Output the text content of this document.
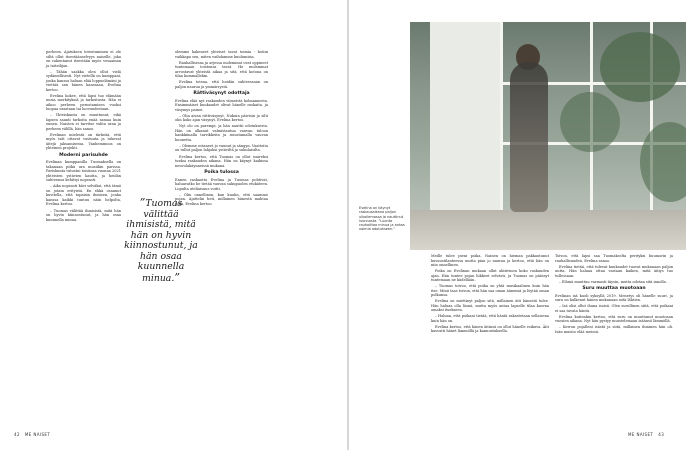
perheen. Ajatuksen toteutuminen ei ole siltä ollut itsestäänselvyys naiselle, joka on rakentanut itsestään myös vesaaman ja taiteilijan.

– Tähän saakka olen ollut vielä sydämellisesti. Nyt vietellä on kumppani, jonka kanssa haluan elää loppuelämäni ja viettää sen hänen kanssaan, Evelina kertoo.

Evelina kokee, että lapsi tuo elämään uusia merkityksiä ja tarkoitusta. Hän ei aikoo perheen perustamisen vuoksi luopua urastaan tai luovuudestaan.

– Yhteiskunta on muuttunut, eikä lapsen saanti tarkoita enää samaa kuin ennen. Naisten ei tarvitse valita uran ja perheen välillä, hän sanoo.

Evelinan mielestä on tärkeää, että myös isät ottavat vastuuta ja tukevat äitejä jaksamisessa. Vanhemmuus on yhteinen projekti.

Moderni parisuhde

Evelinan kumppanilla Tuomaksella on takanaan pitkä ura musiikin parissa. Pariskunta tutustui toisiinsa vuonna 2021 yhteisten ystävien kautta, ja heidän suhteensa kehittyi nopeasti.

– Aika nopeasti kävi selväksi, että tämä on jotain erityistä. En ehkä osannut kuvitella, että tapaisin ihmisen, jonka kanssa kaikki tuntuu näin helpolta, Evelina kertoo.

– Tuomas välittää ihmisistä, mitä hän on hyvin kiinnostunut, ja hän osaa kuunnella minua.

”Tuomas välittää ihmisistä, mitä hän on hyvin kiinnostunut, ja hän osaa kuunnella minua.”

olemme hakeneet yhteiset tavat toimia - kotiin vaikkapa sen, miten vaihdamme kuulumisia.

Rauhallisessa ja arjessa molemmat ovat oppineet tuntemaan toistensa tavat. He molemmat arvostavat yhteistä aikaa ja sitä, että kotona on tilaa kummallekin.

Evelina toteaa, että heidän suhteessaan on paljon naurua ja ymmärrystä.

Rättiväsynyt odottaja

Evelina elää nyt raskauden viimeistä kolmannesta. Ensimmäiset kuukaudet olivat hänelle raskaita, ja väsymys painoi.

– Olin aivan rättiväsynyt. Nukuin päivisin ja silti olin koko ajan väsynyt, Evelina kertoo.

Nyt olo on parempi, ja hän nauttii odotuksesta. Hän on alkanut valmistautua vauvan tuloon hankkimalla tarvikkeita ja sisustamalla vauvan huonetta.

– Olemme ostaneet jo vaunut ja sängyn. Vaatteita on tullut paljon lahjaksi ystäviltä ja sukulaisilta.

Evelina kertoo, että Tuomas on ollut suureksi tueksi raskauden aikana. Hän on käynyt kaikissa neuvolakäynneissä mukana.

Poika tulossa

Ennen raskautta Evelina ja Tuomas pohtivat, haluavatko he tietää vauvan sukupuolen etukäteen. Lopulta uteliaisuus voitti.

– Olin onnellinen, kun kuulin, että saamme pojan. Ajattelin heti, millainen hänestä mahtaa tulla, Evelina kertoo.

42 ME NAISET
Evelina on käynyt raskausaikana paljon ulkoilemassa ja nauttinut luonnosta. ”Luonto rauhoittaa minua ja antaa voimia odotukseen.”

Meille tulee pieni poika. Nainen on hieman pakkautunut kuvaustilanteessa mutta pian jo nauraa ja kertoo, että hän on niin onnellinen.

Poika on Evelinan mukaan ollut aktiivinen koko raskauden ajan. Hän tuntee pojan liikkeet selvästi, ja Tuomas on päässyt tuntemaan ne kädellään.

– Tuomas toivoo, että poika on yhtä musikaalinen kuin hän itse. Minä taas toivon, että hän saa oman äänensä ja löytää oman polkunsa.

Evelina on miettinyt paljon sitä, millainen äiti hänestä tulee. Hän haluaa olla läsnä, mutta myös antaa lapselle tilaa kasvaa omaksi itsekseen.

– Haluan, että poikani tietää, että häntä rakastetaan sellaisena kuin hän on.

Evelina kertoo, että hänen äitinsä on ollut hänelle esikuva. Äiti kasvatti hänet lämmöllä ja kannustuksella.

Toivon, että lapsi saa Tuomakselta perityksi huumorin ja rauhallisuuden, Evelina sanoo.

Evelina tietää, että tulevat kuukaudet tuovat mukanaan paljon uutta. Hän haluaa ottaa vastaan kaiken, mitä äitiys tuo tullessaan.

– Elämä muuttuu varmasti täysin, mutta odotan sitä innolla.

Suru muuttaa muotoaan

Evelinan isä kuoli syksyllä 2019. Menetys oli hänelle suuri, ja suru on kulkenut hänen mukanaan siitä lähtien.

– Isä olisi ollut ihana isoisä. Olen surullinen siitä, että poikani ei saa tavata häntä.

Evelina kuitenkin kertoo, että suru on muuttanut muotoaan vuosien aikana. Nyt hän pystyy muistelemaan isäänsä lämmöllä.

– Kerron pojalleni isästä ja siitä, millainen ihminen hän oli. Isän muisto elää meissä.

ME NAISET 43
